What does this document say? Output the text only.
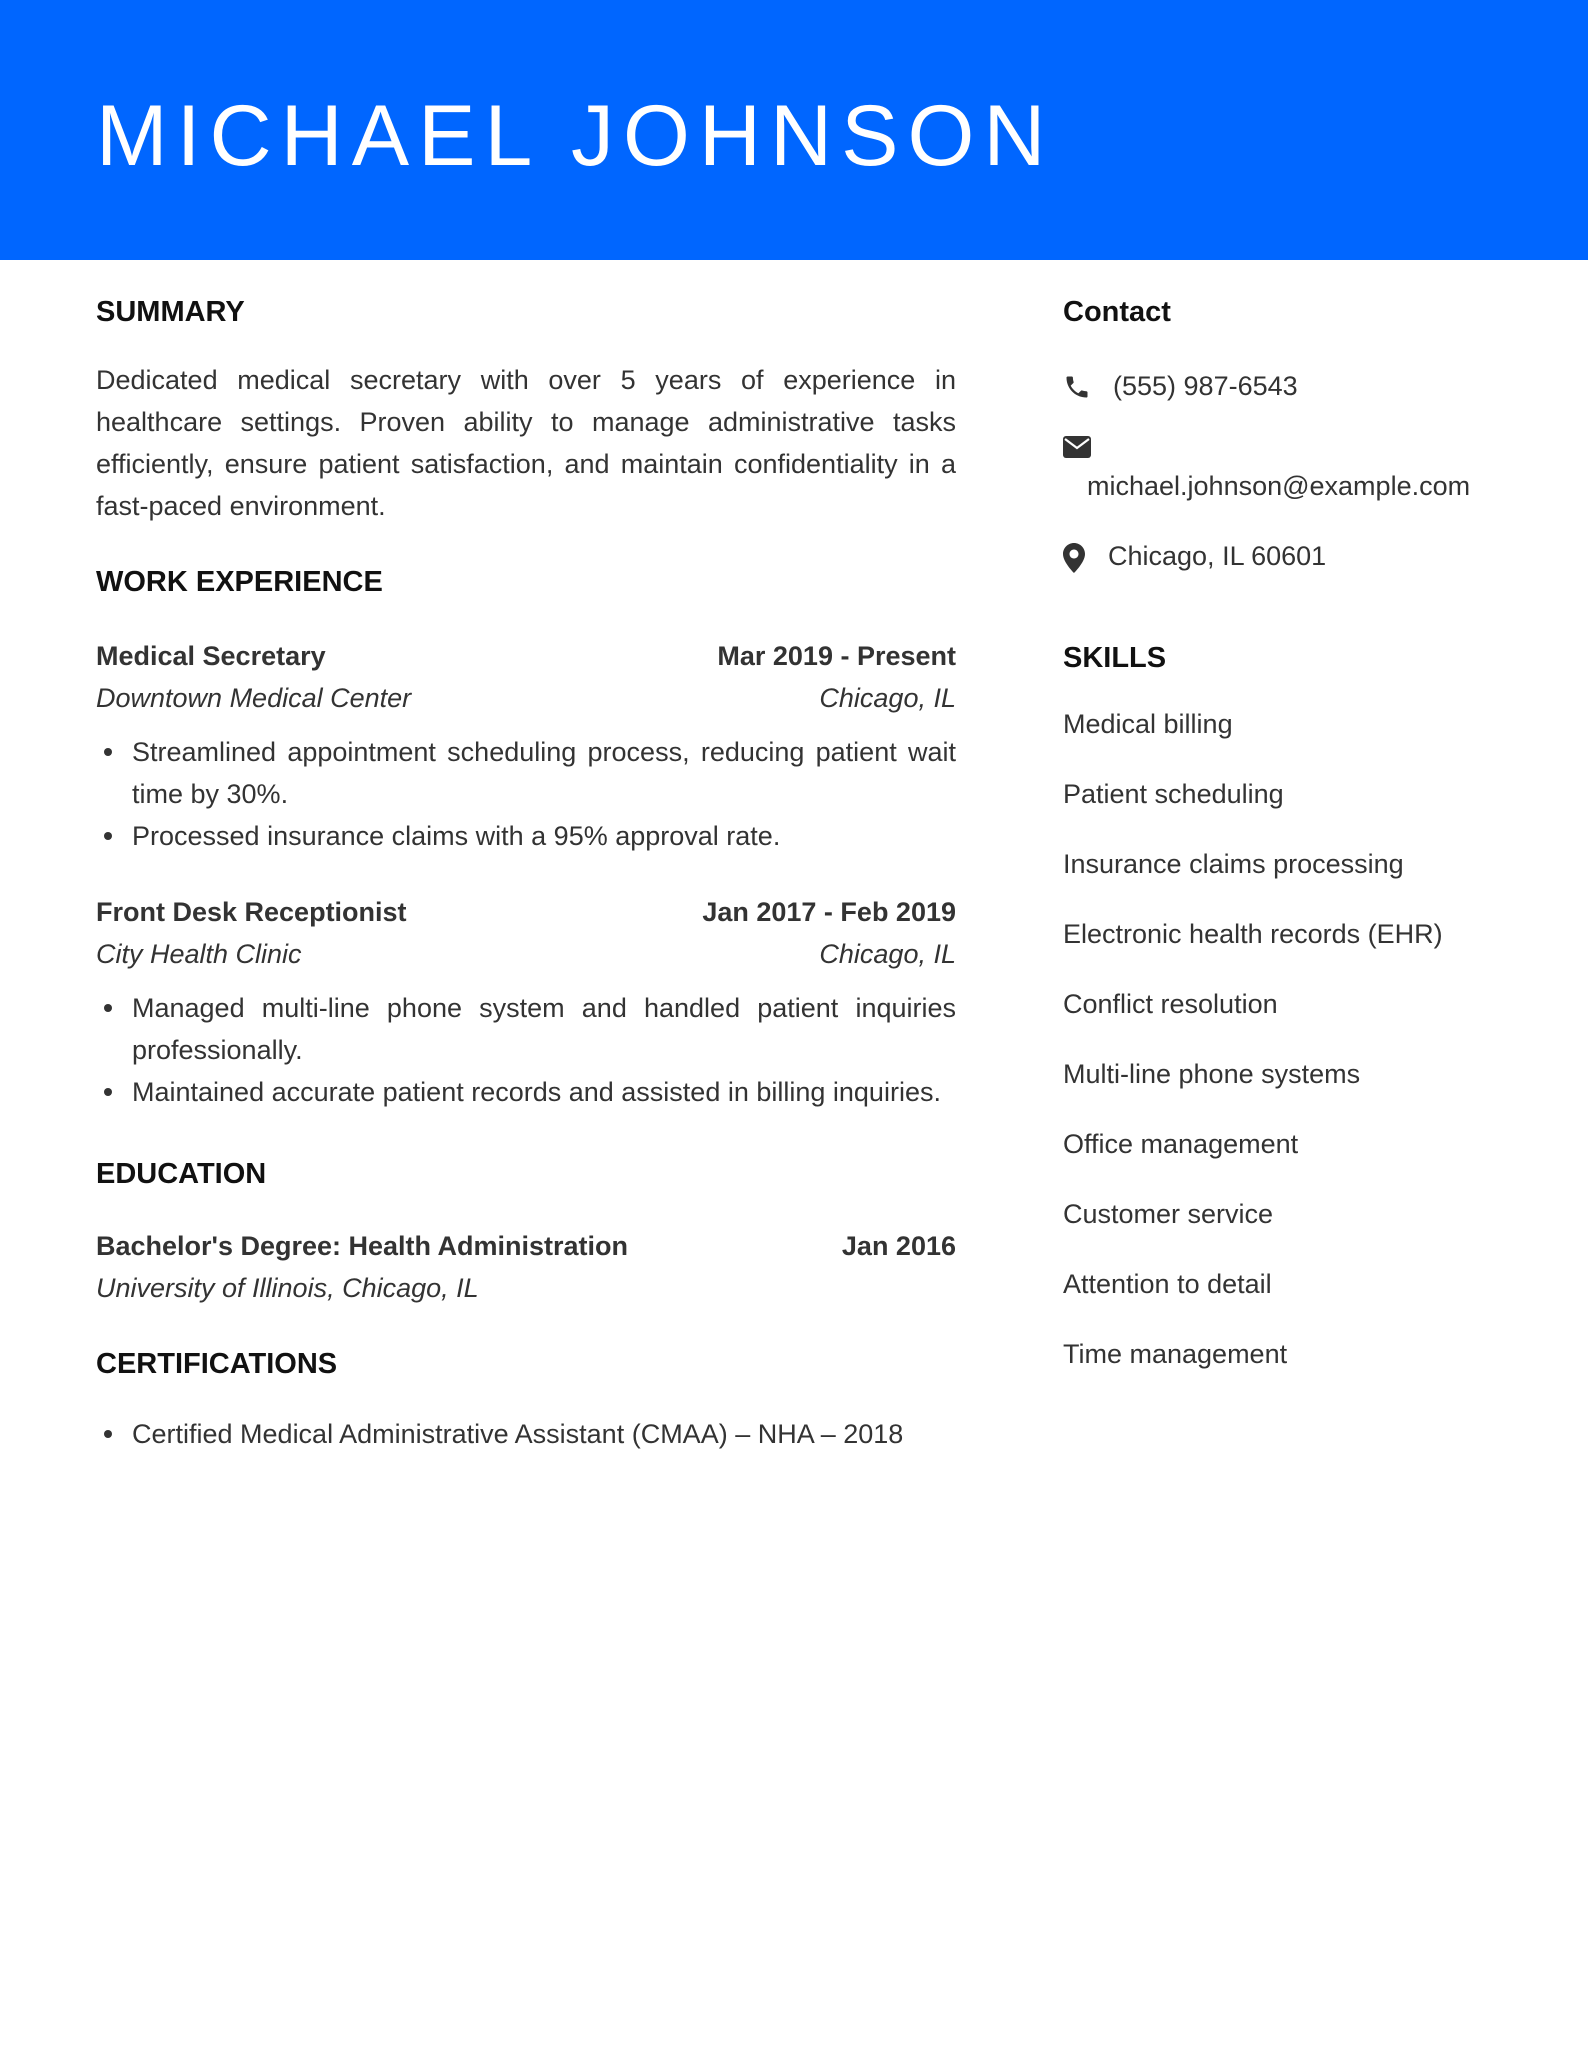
MICHAEL JOHNSON
SUMMARY

Dedicated medical secretary with over 5 years of experience in healthcare settings. Proven ability to manage administrative tasks efficiently, ensure patient satisfaction, and maintain confidentiality in a fast-paced environment.

WORK EXPERIENCE
Medical Secretary	Mar 2019 - Present
Downtown Medical Center	Chicago, IL
Streamlined appointment scheduling process, reducing patient wait time by 30%.
Processed insurance claims with a 95% approval rate.
Front Desk Receptionist	Jan 2017 - Feb 2019
City Health Clinic	Chicago, IL
Managed multi-line phone system and handled patient inquiries professionally.
Maintained accurate patient records and assisted in billing inquiries.
EDUCATION
Bachelor's Degree: Health Administration	Jan 2016
University of Illinois, Chicago, IL
CERTIFICATIONS
Certified Medical Administrative Assistant (CMAA) – NHA – 2018
Contact
(555) 987-6543
michael.johnson@example.com
Chicago, IL 60601
SKILLS
Medical billing
Patient scheduling
Insurance claims processing
Electronic health records (EHR)
Conflict resolution
Multi-line phone systems
Office management
Customer service
Attention to detail
Time management
